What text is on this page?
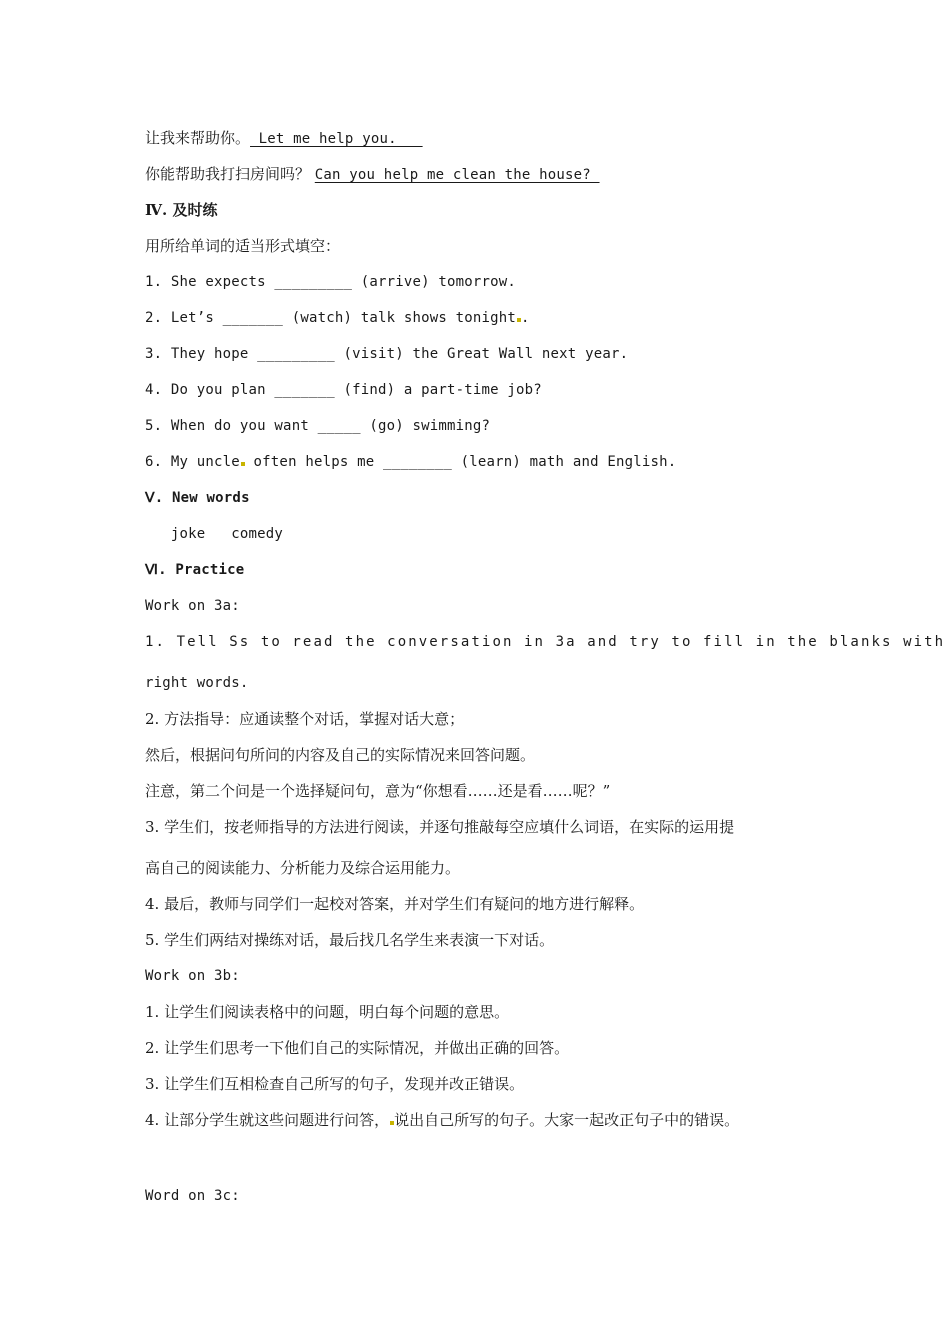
让我来帮助你。 Let me help you.
你能帮助我打扫房间吗？ Can you help me clean the house?
Ⅳ. 及时练
用所给单词的适当形式填空：
1. She expects _________ (arrive) tomorrow.
2. Let’s _______ (watch) talk shows tonight .
3. They hope _________ (visit) the Great Wall next year.
4. Do you plan _______ (find) a part-time job?
5. When do you want _____ (go) swimming?
6. My uncle often helps me ________ (learn) math and English.
Ⅴ. New words
joke   comedy
Ⅵ. Practice
Work on 3a:
1. Tell Ss to read the conversation in 3a and try to fill in the blanks with
right words.
2. 方法指导：应通读整个对话，掌握对话大意；
然后，根据问句所问的内容及自己的实际情况来回答问题。
注意，第二个问是一个选择疑问句，意为“你想看……还是看……呢？”
3. 学生们，按老师指导的方法进行阅读，并逐句推敲每空应填什么词语，在实际的运用提
高自己的阅读能力、分析能力及综合运用能力。
4. 最后，教师与同学们一起校对答案，并对学生们有疑问的地方进行解释。
5. 学生们两结对操练对话，最后找几名学生来表演一下对话。
Work on 3b:
1. 让学生们阅读表格中的问题，明白每个问题的意思。
2. 让学生们思考一下他们自己的实际情况，并做出正确的回答。
3. 让学生们互相检查自己所写的句子，发现并改正错误。
4. 让部分学生就这些问题进行问答， 说出自己所写的句子。大家一起改正句子中的错误。
Word on 3c:
